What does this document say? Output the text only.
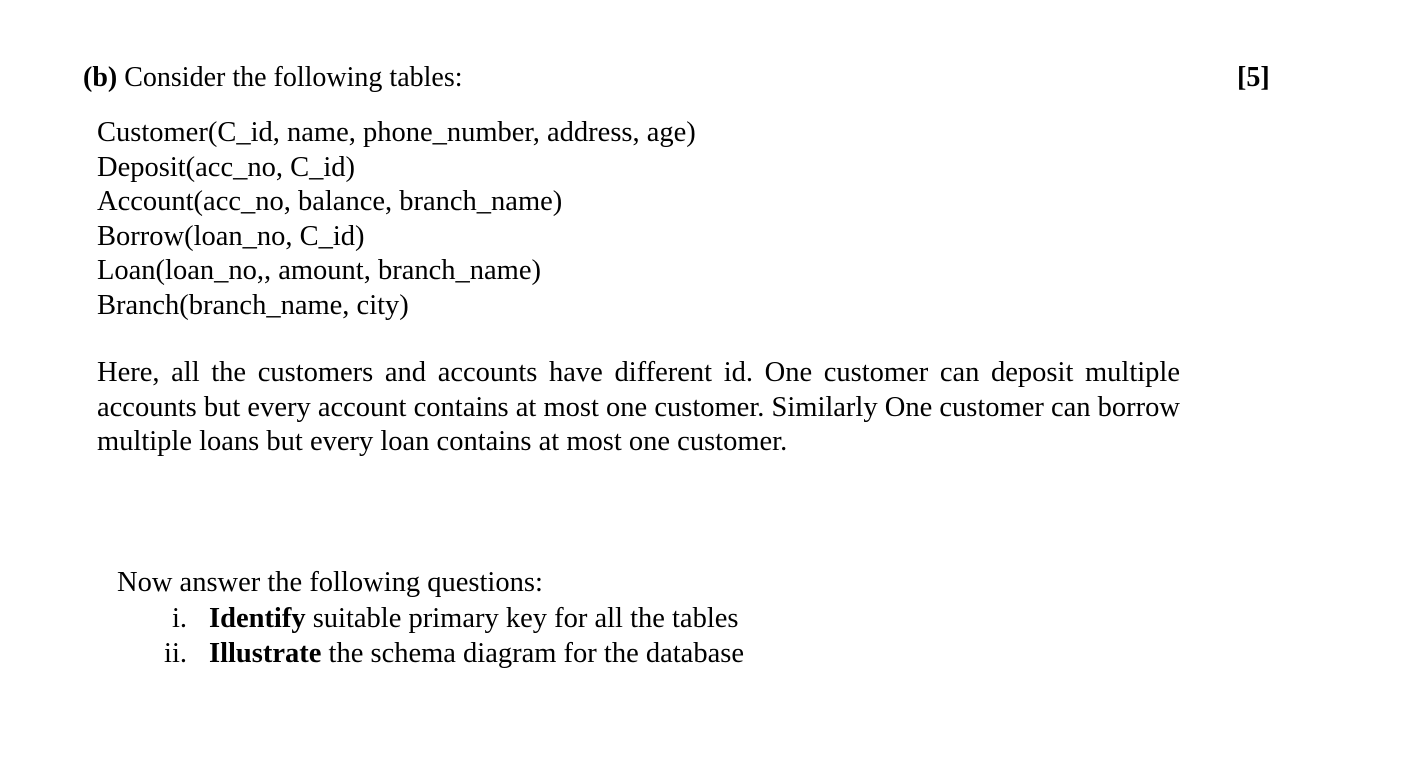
(b) Consider the following tables:	[5]
Customer(C_id, name, phone_number, address, age)
Deposit(acc_no, C_id)
Account(acc_no, balance, branch_name)
Borrow(loan_no, C_id)
Loan(loan_no,, amount, branch_name)
Branch(branch_name, city)

Here, all the customers and accounts have different id. One customer can deposit multiple accounts but every account contains at most one customer. Similarly One customer can borrow multiple loans but every loan contains at most one customer.

Now answer the following questions:
i. Identify suitable primary key for all the tables
ii. Illustrate the schema diagram for the database
